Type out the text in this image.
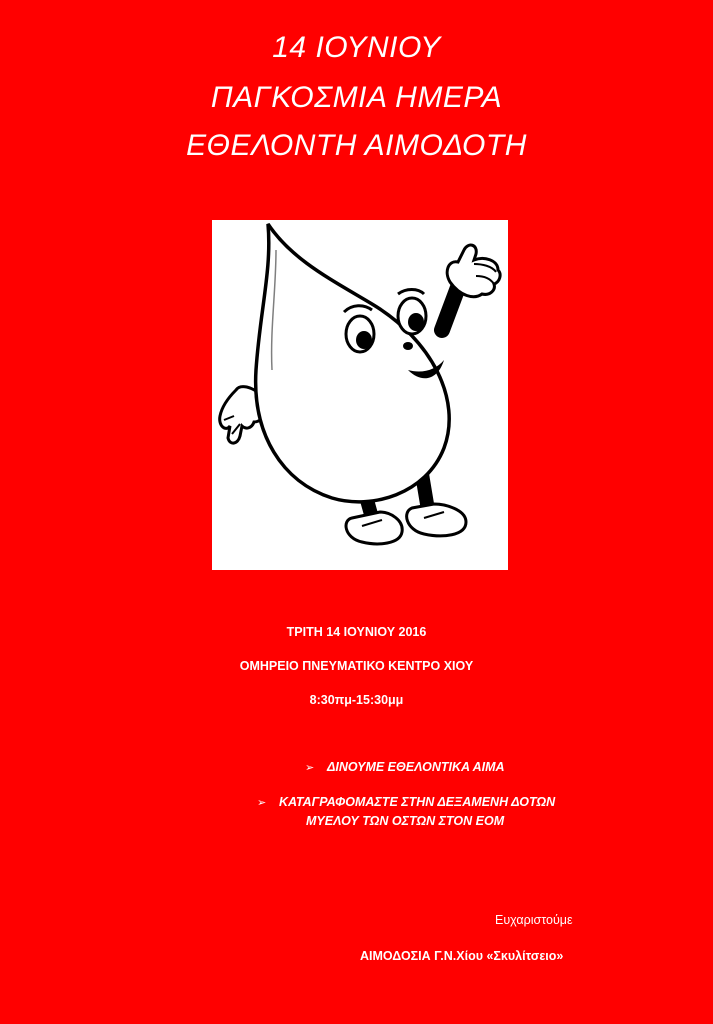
14 ΙΟΥΝΙΟΥ
ΠΑΓΚΟΣΜΙΑ ΗΜΕΡΑ
ΕΘΕΛΟΝΤΗ ΑΙΜΟΔΟΤΗ
ΤΡΙΤΗ 14 ΙΟΥΝΙΟΥ 2016
ΟΜΗΡΕΙΟ ΠΝΕΥΜΑΤΙΚΟ ΚΕΝΤΡΟ ΧΙΟΥ
8:30πμ-15:30μμ
➢ ΔΙΝΟΥΜΕ ΕΘΕΛΟΝΤΙΚΑ ΑΙΜΑ
➢ ΚΑΤΑΓΡΑΦΟΜΑΣΤΕ ΣΤΗΝ ΔΕΞΑΜΕΝΗ ΔΟΤΩΝ
ΜΥΕΛΟΥ ΤΩΝ ΟΣΤΩΝ ΣΤΟΝ ΕΟΜ
Ευχαριστούμε
ΑΙΜΟΔΟΣΙΑ Γ.Ν.Χίου «Σκυλίτσειο»
